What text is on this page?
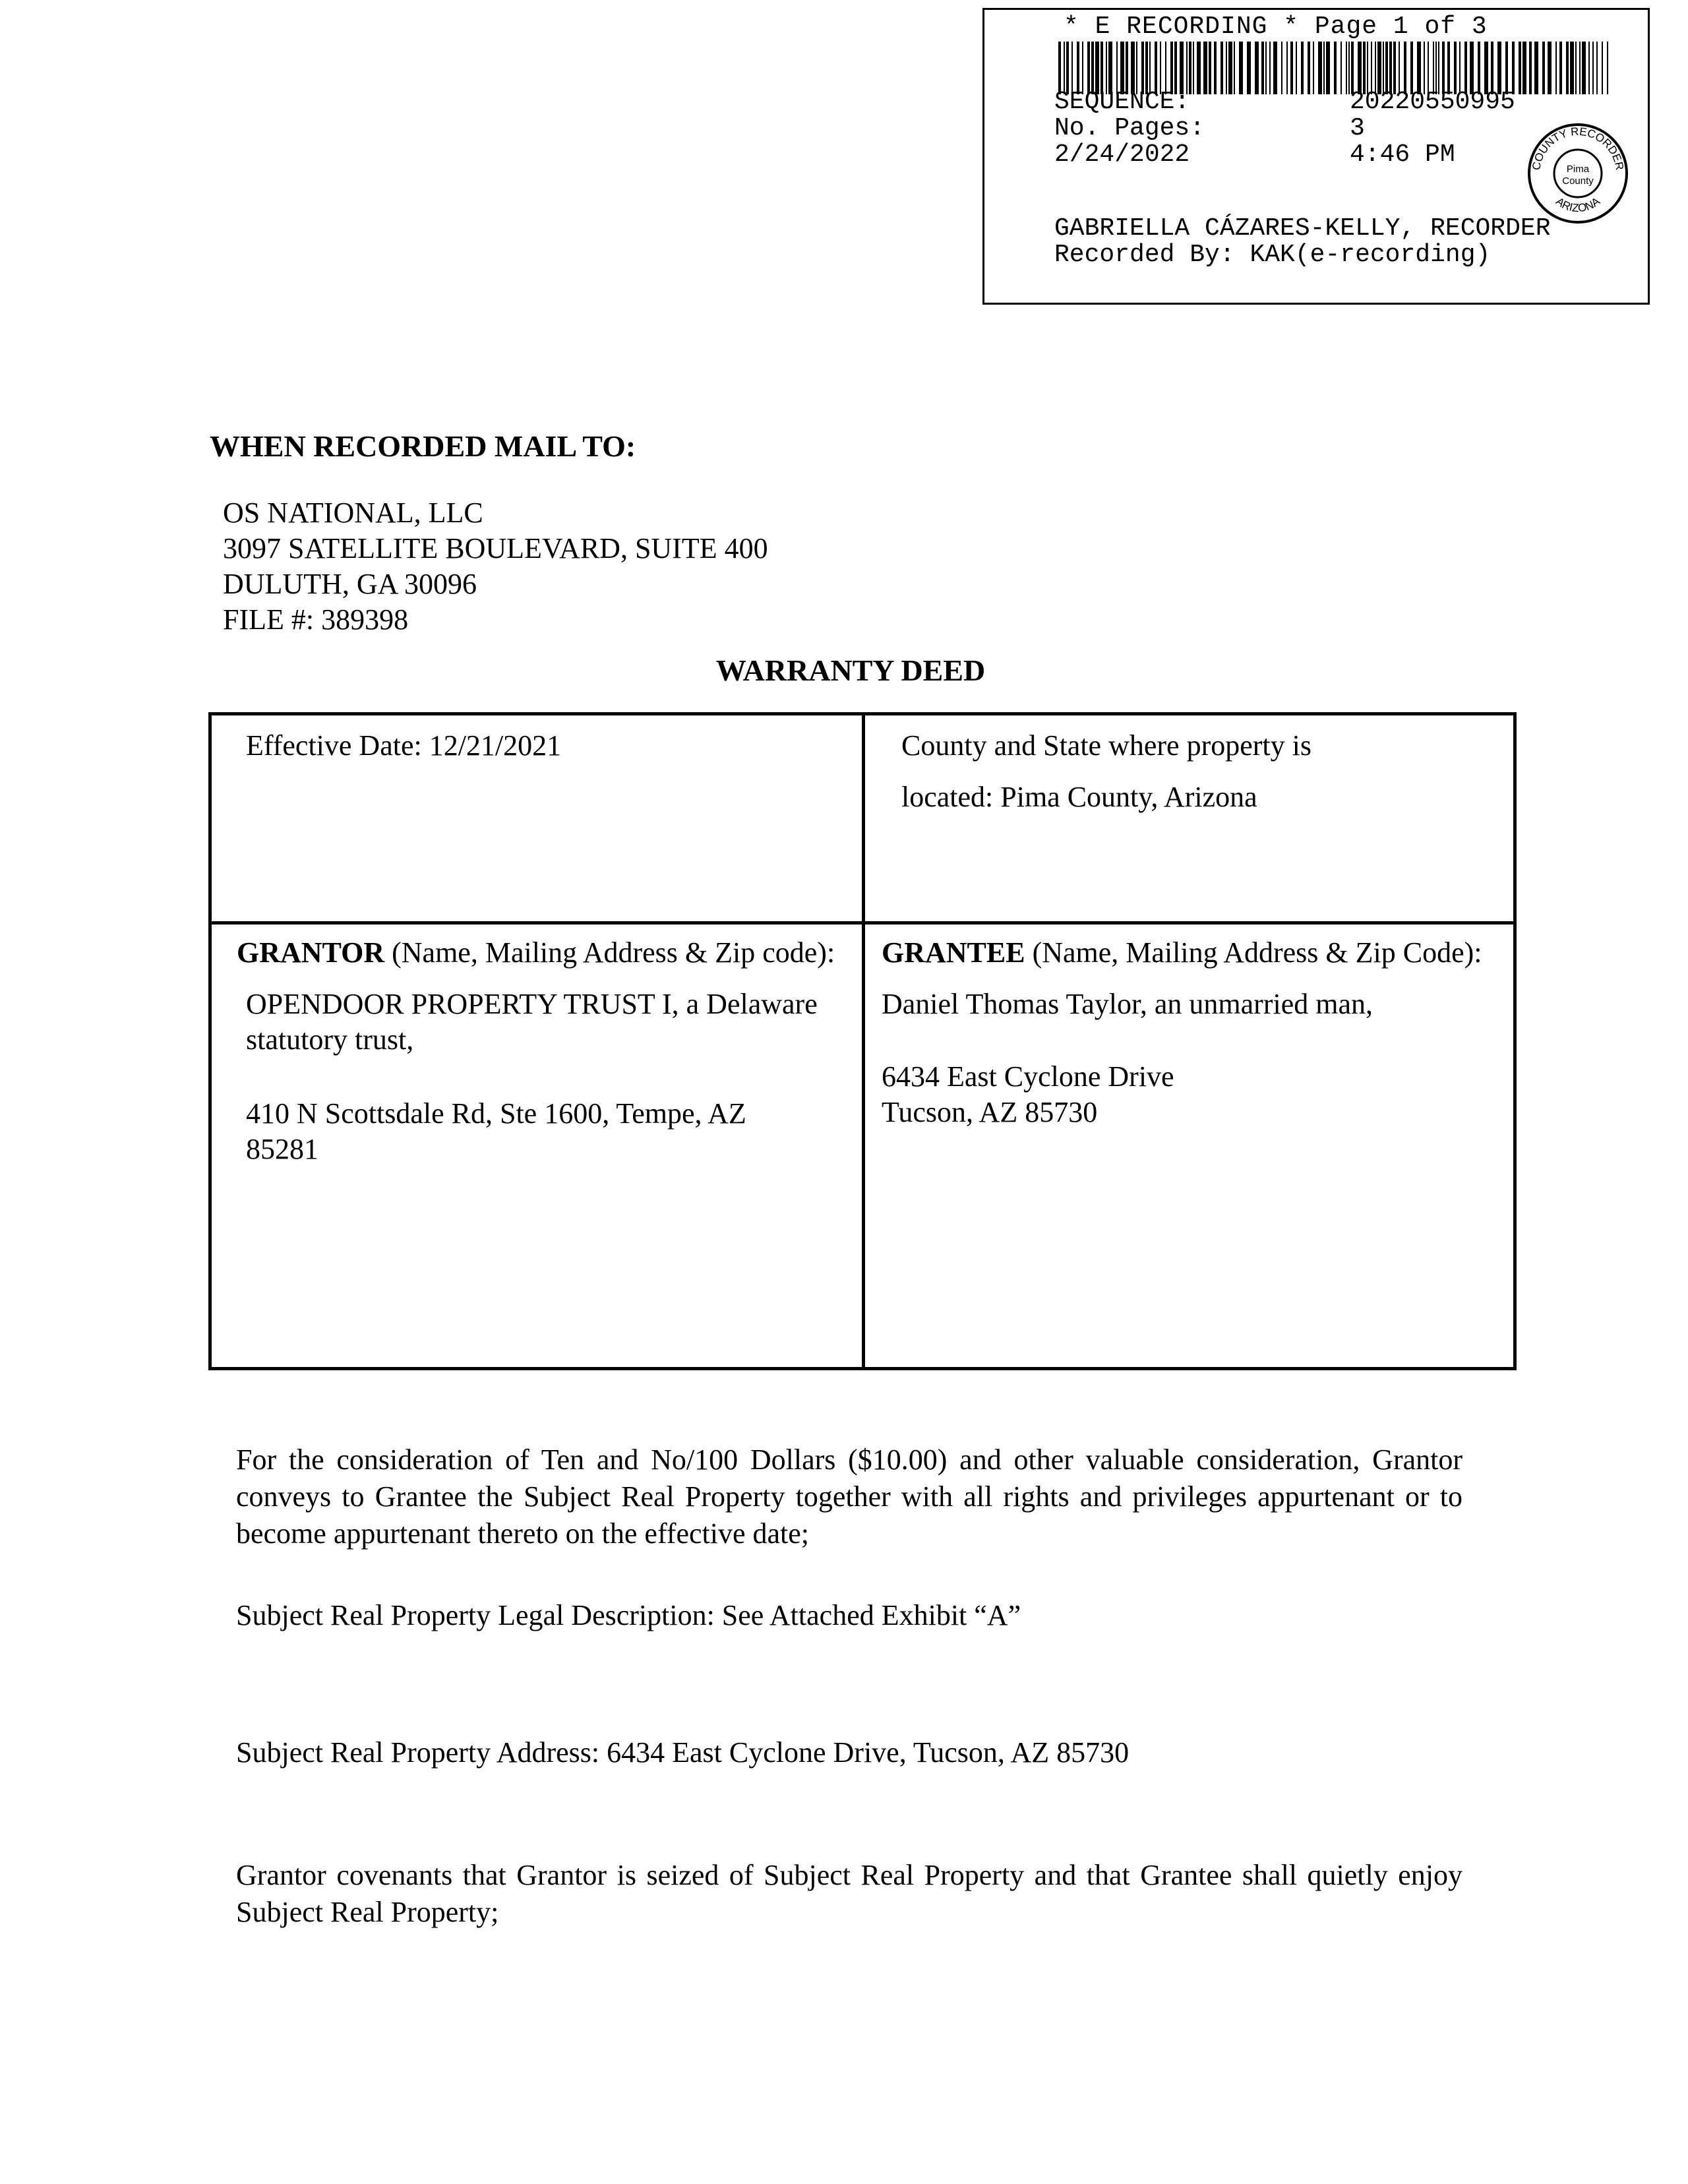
* E RECORDING * Page 1 of 3
SEQUENCE:	20220550995
No. Pages:	3
2/24/2022	4:46 PM
GABRIELLA CÁZARES-KELLY, RECORDER
Recorded By: KAK(e-recording)
COUNTY RECORDER
ARIZONA
Pima
County
WHEN RECORDED MAIL TO:
OS NATIONAL, LLC
3097 SATELLITE BOULEVARD, SUITE 400
DULUTH, GA 30096
FILE #: 389398
WARRANTY DEED
Effective Date: 12/21/2021	County and State where property is
located: Pima County, Arizona
GRANTOR (Name, Mailing Address & Zip code):
OPENDOOR PROPERTY TRUST I, a Delaware
statutory trust,
410 N Scottsdale Rd, Ste 1600, Tempe, AZ
85281
GRANTEE (Name, Mailing Address & Zip Code):
Daniel Thomas Taylor, an unmarried man,
6434 East Cyclone Drive
Tucson, AZ 85730
For the consideration of Ten and No/100 Dollars ($10.00) and other valuable consideration, Grantor conveys to Grantee the Subject Real Property together with all rights and privileges appurtenant or to become appurtenant thereto on the effective date;
Subject Real Property Legal Description: See Attached Exhibit “A”
Subject Real Property Address: 6434 East Cyclone Drive, Tucson, AZ 85730
Grantor covenants that Grantor is seized of Subject Real Property and that Grantee shall quietly enjoy Subject Real Property;
